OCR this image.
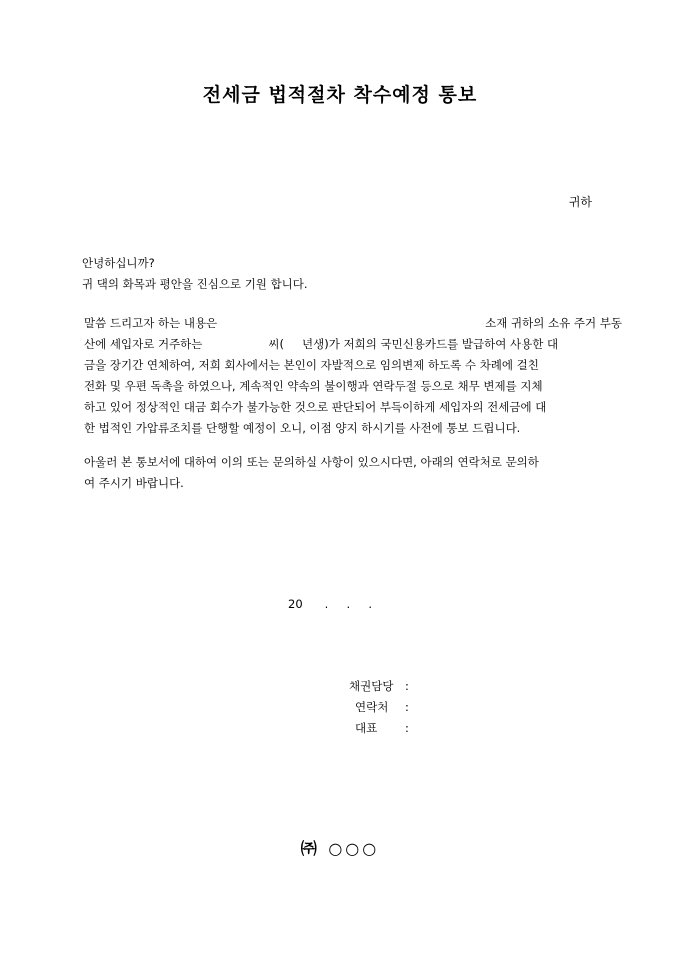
전세금 법적절차 착수예정 통보
귀하
안녕하십니까?
귀 댁의 화목과 평안을 진심으로 기원 합니다.
말씀 드리고자 하는 내용은	소재 귀하의 소유 주거 부동
산에 세입자로 거주하는	씨( 년생)가 저희의 국민신용카드를 발급하여 사용한 대
금을 장기간 연체하여, 저희 회사에서는 본인이 자발적으로 임의변제 하도록 수 차례에 걸친
전화 및 우편 독촉을 하였으나, 계속적인 약속의 불이행과 연락두절 등으로 채무 변제를 지체
하고 있어 정상적인 대금 회수가 불가능한 것으로 판단되어 부득이하게 세입자의 전세금에 대
한 법적인 가압류조치를 단행할 예정이 오니, 이점 양지 하시기를 사전에 통보 드립니다.
아울러 본 통보서에 대하여 이의 또는 문의하실 사항이 있으시다면, 아래의 연락처로 문의하
여 주시기 바랍니다.
20      .     .     .
채권담당	:
연락처	:
대표	:
㈜ ○○○
